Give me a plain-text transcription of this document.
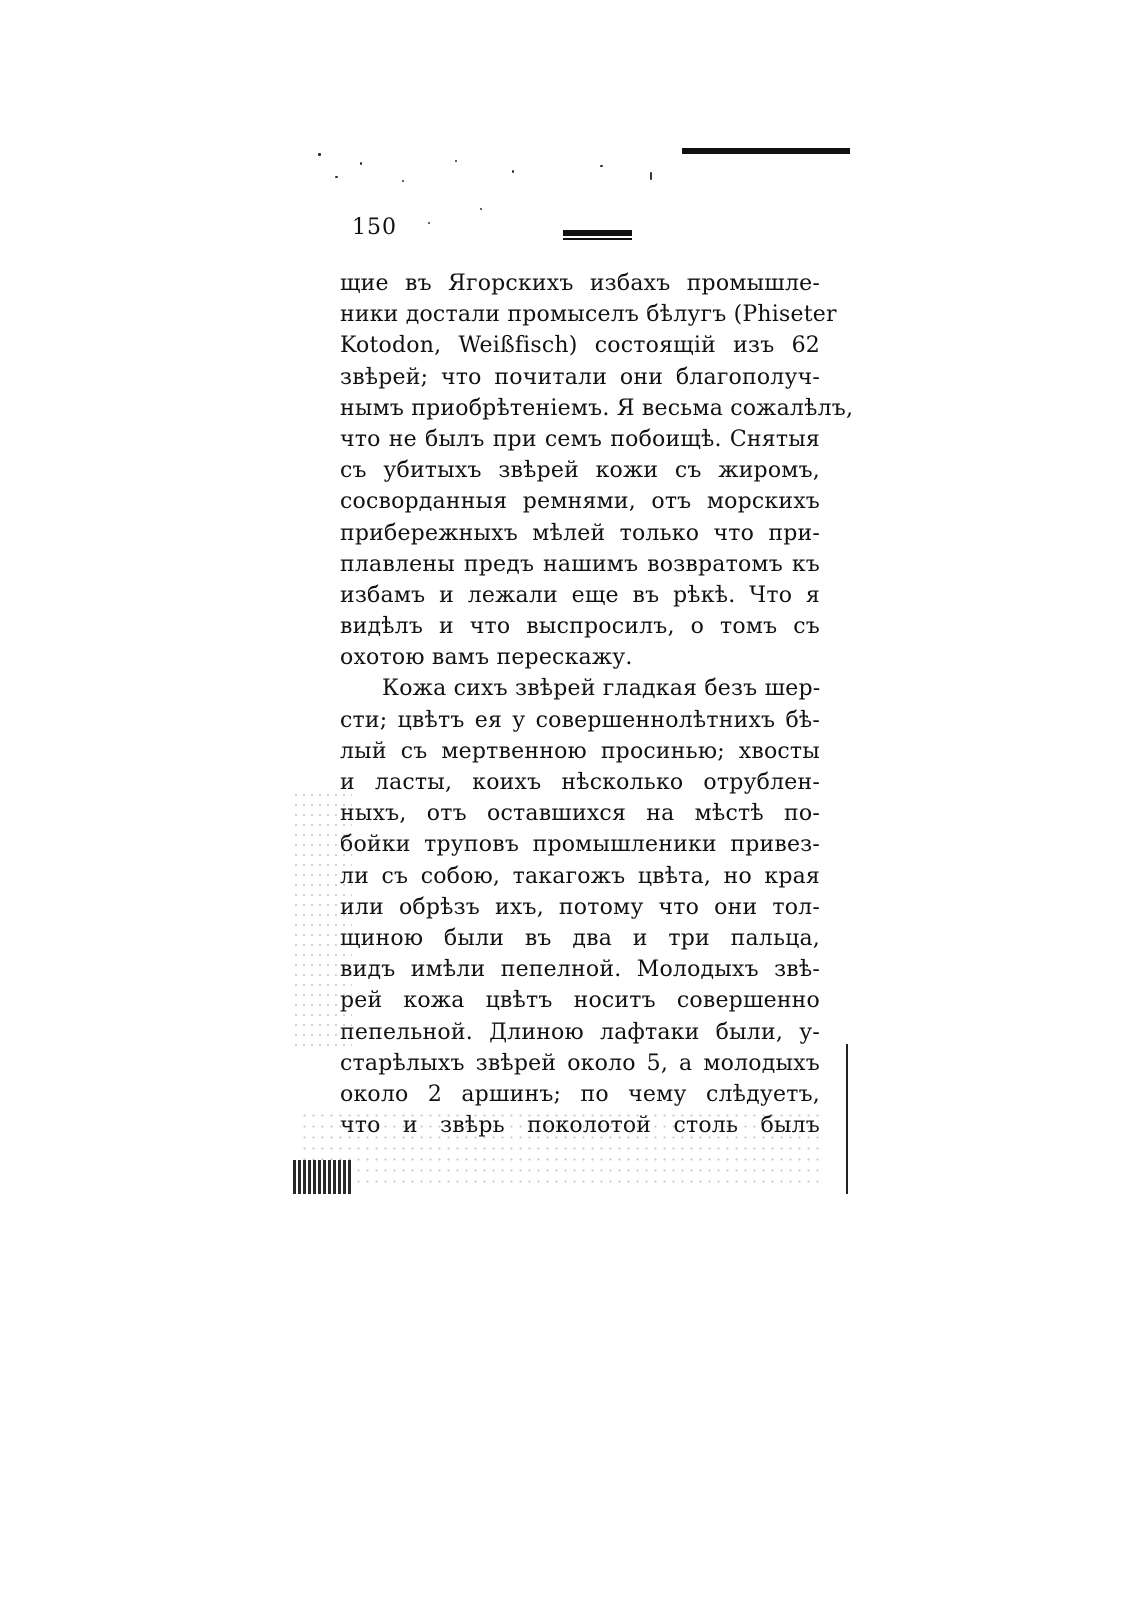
150
щие въ Ягорскихъ избахъ промышле-
ники достали промыселъ бѣлугъ (Phiseter
Kotodon, Weißfisch) состоящій изъ 62
звѣрей; что почитали они благополуч-
нымъ приобрѣтеніемъ. Я весьма сожалѣлъ,
что не былъ при семъ побоищѣ. Снятыя
съ убитыхъ звѣрей кожи съ жиромъ,
сосворданныя ремнями, отъ морскихъ
прибережныхъ мѣлей только что при-
плавлены предъ нашимъ возвратомъ къ
избамъ и лежали еще въ рѣкѣ. Что я
видѣлъ и что выспросилъ, о томъ съ
охотою вамъ перескажу.
Кожа сихъ звѣрей гладкая безъ шер-
сти; цвѣтъ ея у совершеннолѣтнихъ бѣ-
лый съ мертвенною просинью; хвосты
и ласты, коихъ нѣсколько отрублен-
ныхъ, отъ оставшихся на мѣстѣ по-
бойки труповъ промышленики привез-
ли съ собою, такагожъ цвѣта, но края
или обрѣзъ ихъ, потому что они тол-
щиною были въ два и три пальца,
видъ имѣли пепелной. Молодыхъ звѣ-
рей кожа цвѣтъ носитъ совершенно
пепельной. Длиною лафтаки были, у-
старѣлыхъ звѣрей около 5, а молодыхъ
около 2 аршинъ; по чему слѣдуетъ,
что и звѣрь поколотой столь былъ
